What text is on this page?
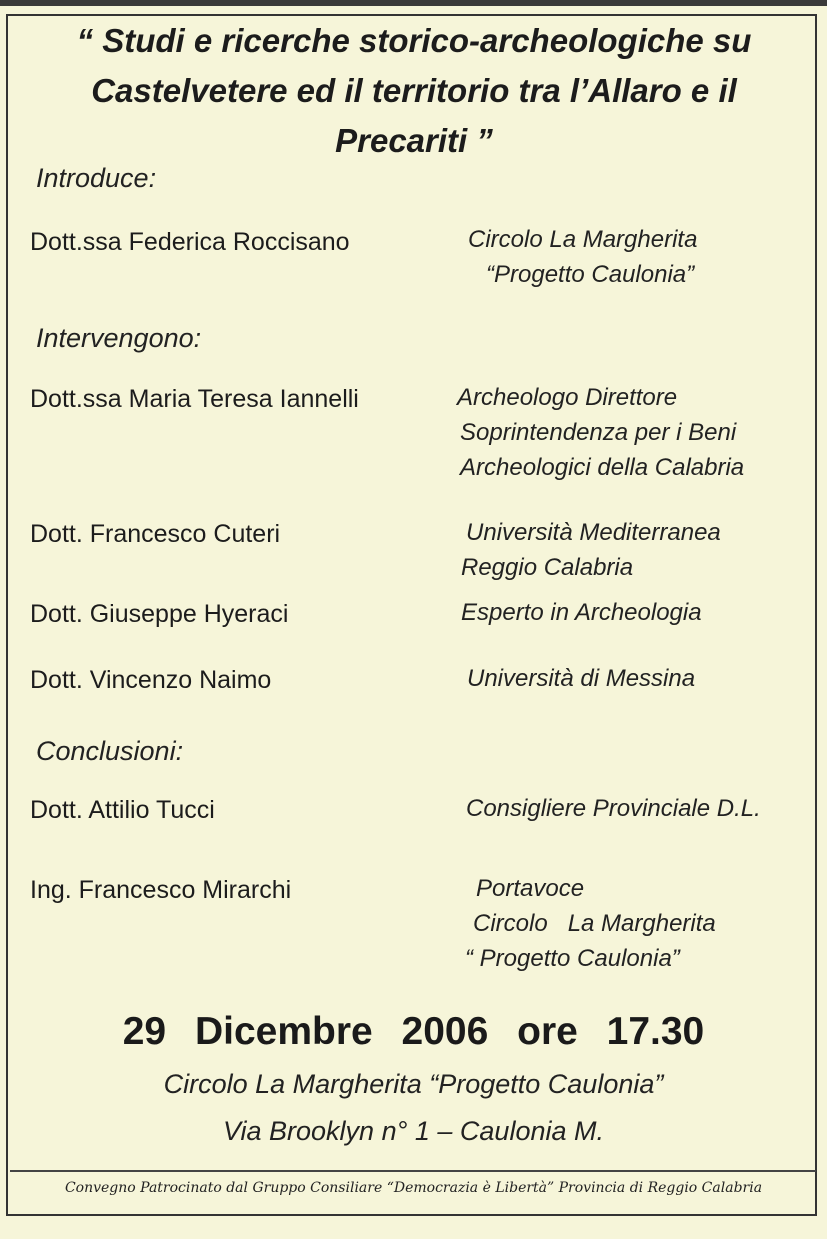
“ Studi e ricerche storico-archeologiche su
Castelvetere ed il territorio tra l’Allaro e il
Precariti ”
Introduce:
Dott.ssa Federica Roccisano	Circolo La Margherita
“Progetto Caulonia”
Intervengono:
Dott.ssa Maria Teresa Iannelli	Archeologo Direttore
Soprintendenza per i Beni
Archeologici della Calabria
Dott. Francesco Cuteri	Università Mediterranea
Reggio Calabria
Dott. Giuseppe Hyeraci	Esperto in Archeologia
Dott. Vincenzo Naimo	Università di Messina
Conclusioni:
Dott. Attilio Tucci	Consigliere Provinciale D.L.
Ing. Francesco Mirarchi	Portavoce
Circolo   La Margherita
“ Progetto Caulonia”
29 Dicembre 2006 ore 17.30
Circolo La Margherita “Progetto Caulonia”
Via Brooklyn n° 1 – Caulonia M.
Convegno Patrocinato dal Gruppo Consiliare “Democrazia è Libertà” Provincia di Reggio Calabria
